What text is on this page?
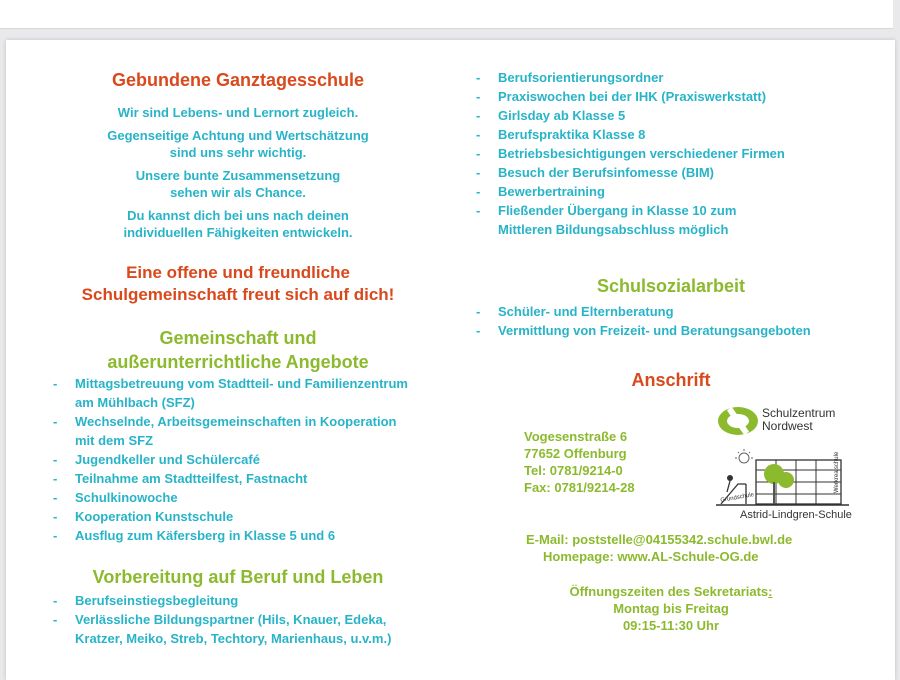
Gebundene Ganztagesschule
Wir sind Lebens- und Lernort zugleich.
Gegenseitige Achtung und Wertschätzung
sind uns sehr wichtig.
Unsere bunte Zusammensetzung
sehen wir als Chance.
Du kannst dich bei uns nach deinen
individuellen Fähigkeiten entwickeln.
Eine offene und freundliche
Schulgemeinschaft freut sich auf dich!
Gemeinschaft und
außerunterrichtliche Angebote
- Mittagsbetreuung vom Stadtteil- und Familienzentrum
am Mühlbach (SFZ)
- Wechselnde, Arbeitsgemeinschaften in Kooperation
mit dem SFZ
- Jugendkeller und Schülercafé
- Teilnahme am Stadtteilfest, Fastnacht
- Schulkinowoche
- Kooperation Kunstschule
- Ausflug zum Käfersberg in Klasse 5 und 6
Vorbereitung auf Beruf und Leben
- Berufseinstiegsbegleitung
- Verlässliche Bildungspartner (Hils, Knauer, Edeka,
Kratzer, Meiko, Streb, Techtory, Marienhaus, u.v.m.)
- Berufsorientierungsordner
- Praxiswochen bei der IHK (Praxiswerkstatt)
- Girlsday ab Klasse 5
- Berufspraktika Klasse 8
- Betriebsbesichtigungen verschiedener Firmen
- Besuch der Berufsinfomesse (BIM)
- Bewerbertraining
- Fließender Übergang in Klasse 10 zum
Mittleren Bildungsabschluss möglich
Schulsozialarbeit
- Schüler- und Elternberatung
- Vermittlung von Freizeit- und Beratungsangeboten
Anschrift
Vogesenstraße 6
77652 Offenburg
Tel: 0781/9214-0
Fax: 0781/9214-28
Schulzentrum
Nordwest
Grundschule
Werkrealschule
Astrid-Lindgren-Schule
E-Mail: poststelle@04155342.schule.bwl.de
Homepage: www.AL-Schule-OG.de
Öffnungszeiten des Sekretariats:
Montag bis Freitag
09:15-11:30 Uhr
